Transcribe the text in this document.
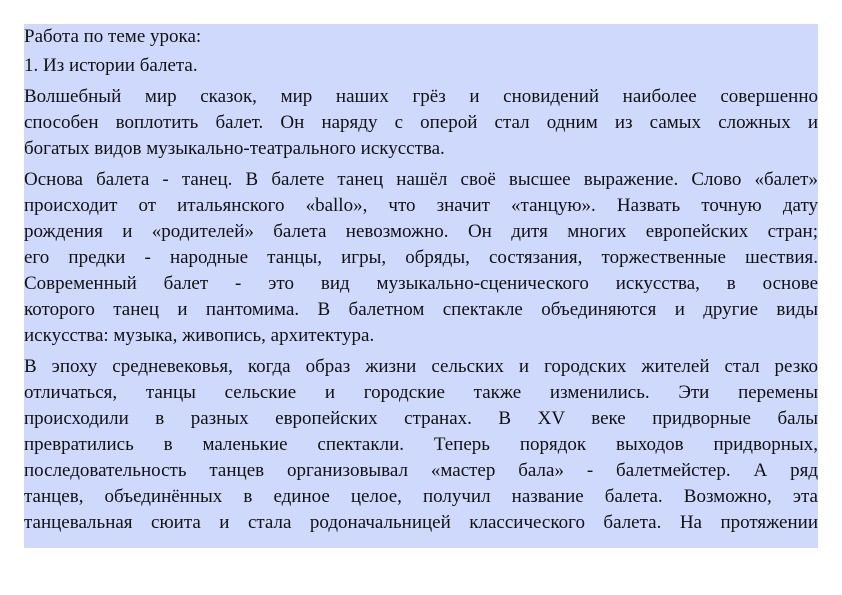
Работа по теме урока:
1. Из истории балета.
Волшебный мир сказок, мир наших грёз и сновидений наиболее совершенно
способен воплотить балет. Он наряду с оперой стал одним из самых сложных и
богатых видов музыкально-театрального искусства.
Основа балета - танец. В балете танец нашёл своё высшее выражение. Слово «балет»
происходит от итальянского «ballo», что значит «танцую». Назвать точную дату
рождения и «родителей» балета невозможно. Он дитя многих европейских стран;
его предки - народные танцы, игры, обряды, состязания, торжественные шествия.
Современный балет - это вид музыкально-сценического искусства, в основе
которого танец и пантомима. В балетном спектакле объединяются и другие виды
искусства: музыка, живопись, архитектура.
В эпоху средневековья, когда образ жизни сельских и городских жителей стал резко
отличаться, танцы сельские и городские также изменились. Эти перемены
происходили в разных европейских странах. В XV веке придворные балы
превратились в маленькие спектакли. Теперь порядок выходов придворных,
последовательность танцев организовывал «мастер бала» - балетмейстер. А ряд
танцев, объединённых в единое целое, получил название балета. Возможно, эта
танцевальная сюита и стала родоначальницей классического балета. На протяжении
